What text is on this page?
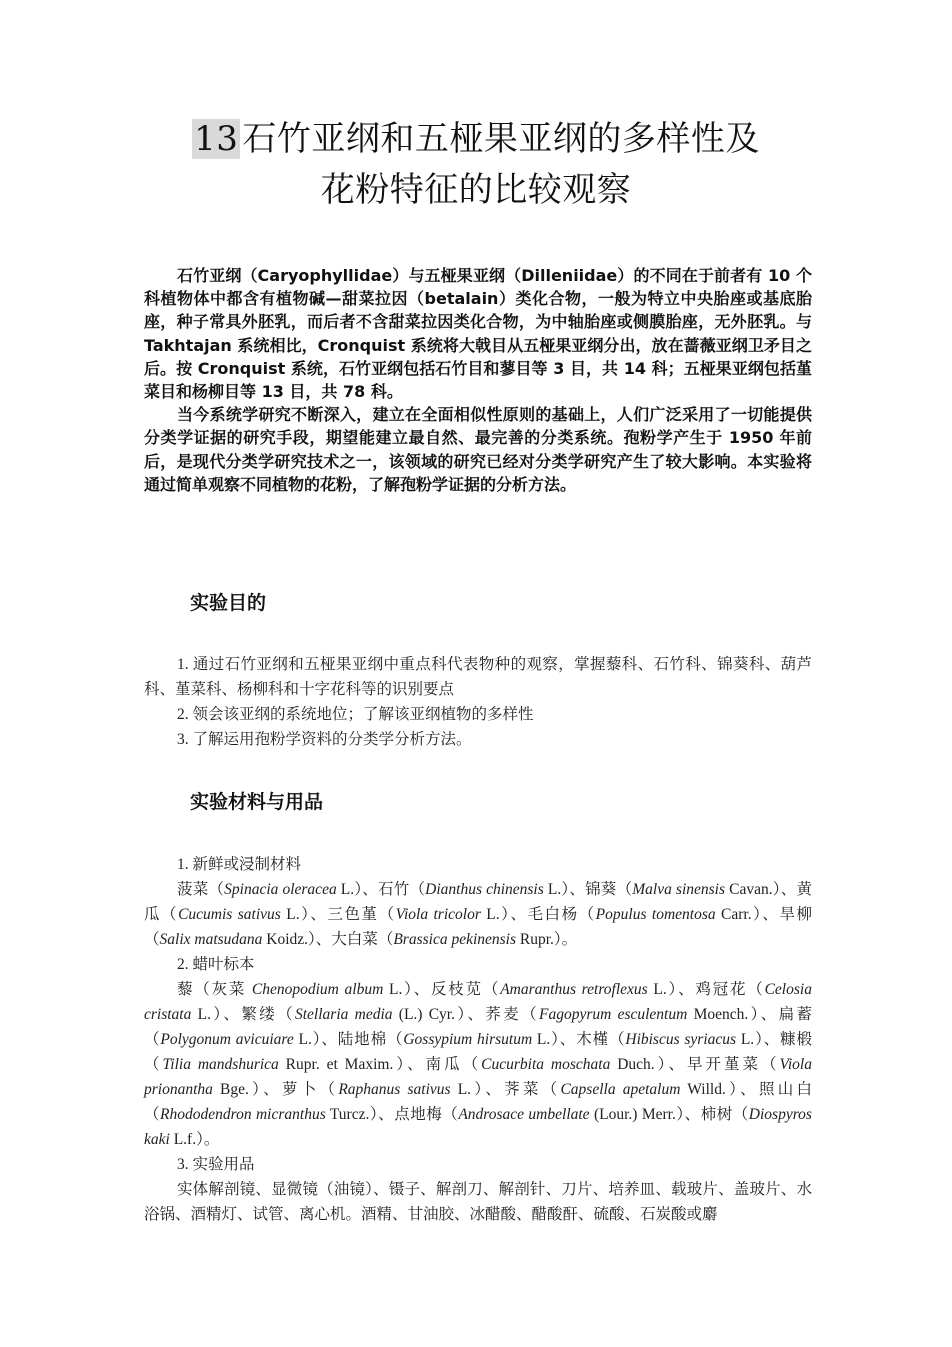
13 石竹亚纲和五桠果亚纲的多样性及
花粉特征的比较观察

石竹亚纲（Caryophyllidae）与五桠果亚纲（Dilleniidae）的不同在于前者有 10 个科植物体中都含有植物碱—甜菜拉因（betalain）类化合物，一般为特立中央胎座或基底胎座，种子常具外胚乳，而后者不含甜菜拉因类化合物，为中轴胎座或侧膜胎座，无外胚乳。与 Takhtajan 系统相比，Cronquist 系统将大戟目从五桠果亚纲分出，放在蔷薇亚纲卫矛目之后。按 Cronquist 系统，石竹亚纲包括石竹目和蓼目等 3 目，共 14 科；五桠果亚纲包括堇菜目和杨柳目等 13 目，共 78 科。

当今系统学研究不断深入，建立在全面相似性原则的基础上，人们广泛采用了一切能提供分类学证据的研究手段，期望能建立最自然、最完善的分类系统。孢粉学产生于 1950 年前后，是现代分类学研究技术之一，该领域的研究已经对分类学研究产生了较大影响。本实验将通过简单观察不同植物的花粉，了解孢粉学证据的分析方法。

实验目的

1. 通过石竹亚纲和五桠果亚纲中重点科代表物种的观察，掌握藜科、石竹科、锦葵科、葫芦科、堇菜科、杨柳科和十字花科等的识别要点

2. 领会该亚纲的系统地位；了解该亚纲植物的多样性

3. 了解运用孢粉学资料的分类学分析方法。

实验材料与用品

1. 新鲜或浸制材料

菠菜（Spinacia oleracea L.）、石竹（Dianthus chinensis L.）、锦葵（Malva sinensis Cavan.）、黄瓜（Cucumis sativus L.）、三色堇（Viola tricolor L.）、毛白杨（Populus tomentosa Carr.）、旱柳（Salix matsudana Koidz.）、大白菜（Brassica pekinensis Rupr.）。

2. 蜡叶标本

藜（灰菜 Chenopodium album L.）、反枝苋（Amaranthus retroflexus L.）、鸡冠花（Celosia cristata L.）、繁缕（Stellaria media (L.) Cyr.）、荞麦（Fagopyrum esculentum Moench.）、扁蓄（Polygonum avicuiare L.）、陆地棉（Gossypium hirsutum L.）、木槿（Hibiscus syriacus L.）、糠椴（Tilia mandshurica Rupr. et Maxim.）、南瓜（Cucurbita moschata Duch.）、早开堇菜（Viola prionantha Bge.）、萝卜（Raphanus sativus L.）、荠菜（Capsella apetalum Willd.）、照山白（Rhododendron micranthus Turcz.）、点地梅（Androsace umbellate (Lour.) Merr.）、柿树（Diospyros kaki L.f.）。

3. 实验用品

实体解剖镜、显微镜（油镜）、镊子、解剖刀、解剖针、刀片、培养皿、载玻片、盖玻片、水浴锅、酒精灯、试管、离心机。酒精、甘油胶、冰醋酸、醋酸酐、硫酸、石炭酸或麝
